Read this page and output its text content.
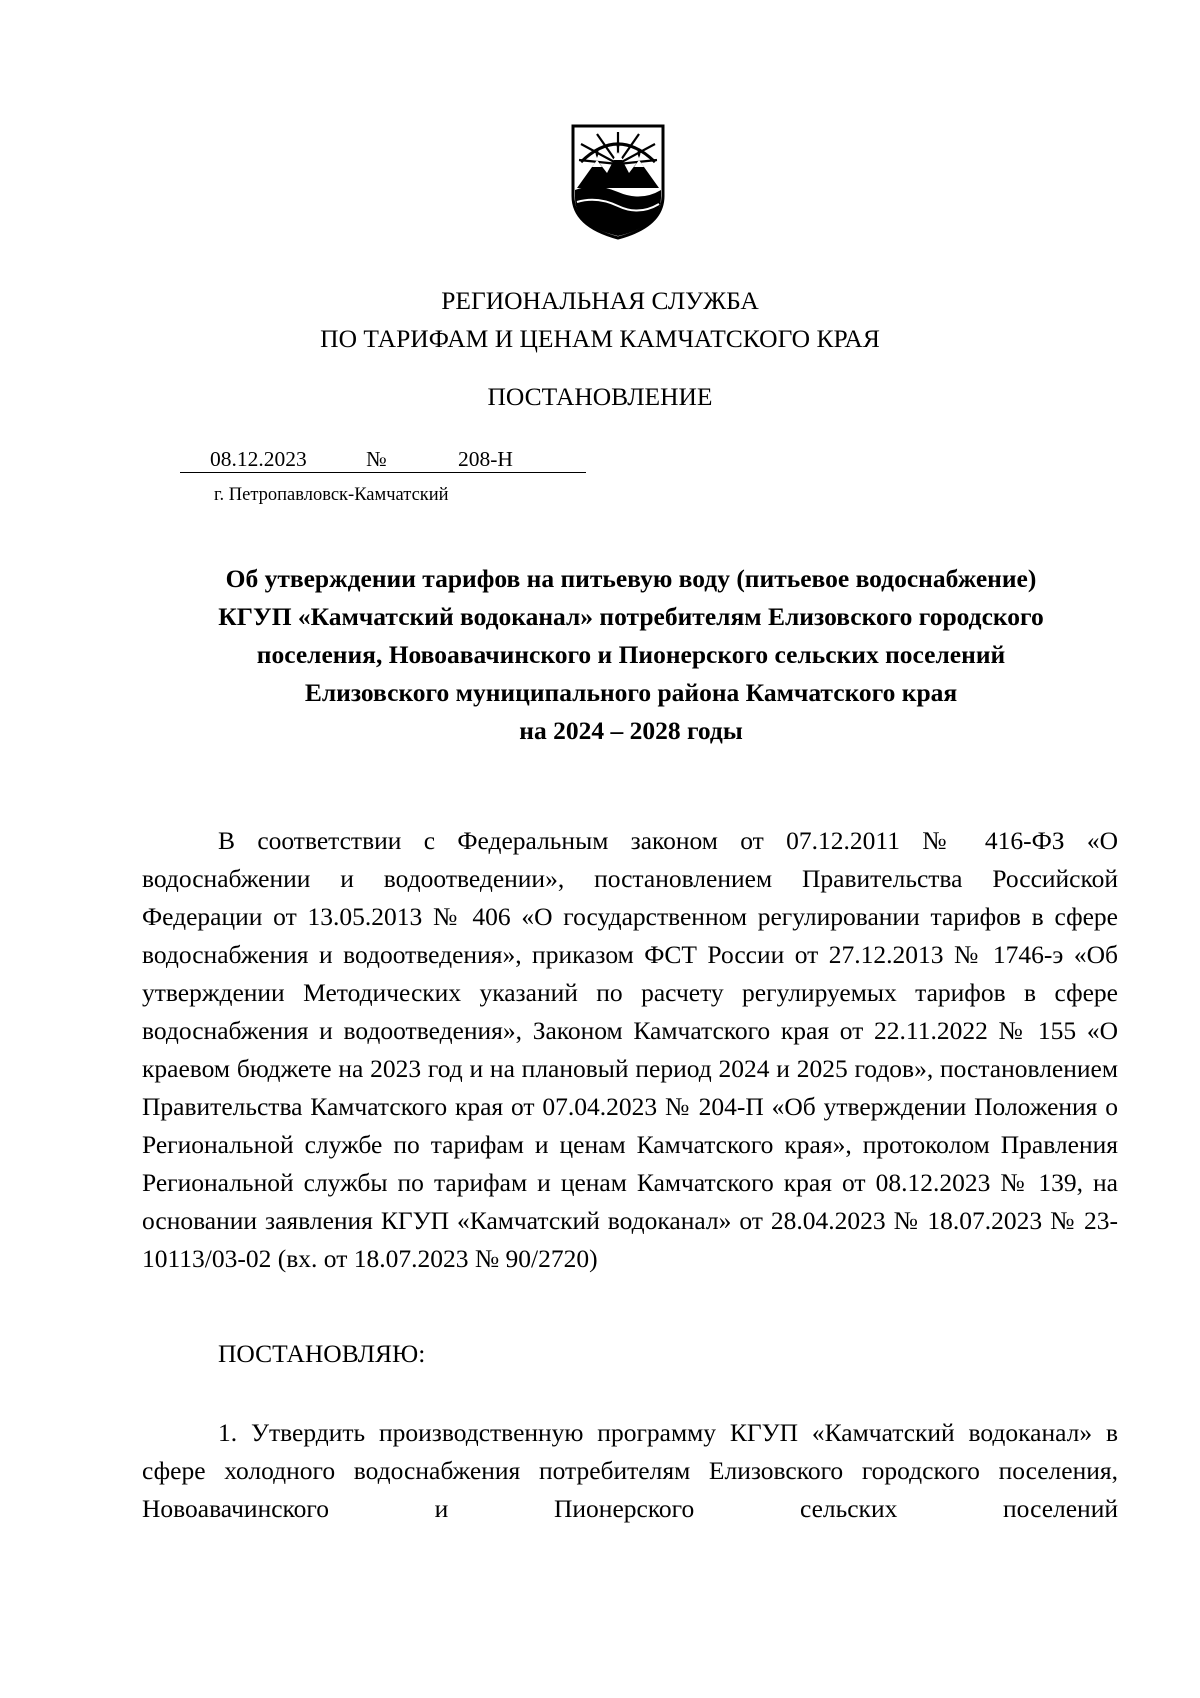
РЕГИОНАЛЬНАЯ СЛУЖБА
ПО ТАРИФАМ И ЦЕНАМ КАМЧАТСКОГО КРАЯ
ПОСТАНОВЛЕНИЕ
08.12.2023	№	208-Н
г. Петропавловск-Камчатский
Об утверждении тарифов на питьевую воду (питьевое водоснабжение)
КГУП «Камчатский водоканал» потребителям Елизовского городского
поселения, Новоавачинского и Пионерского сельских поселений
Елизовского муниципального района Камчатского края
на 2024 – 2028 годы
В соответствии с Федеральным законом от 07.12.2011 № 416-ФЗ «О водоснабжении и водоотведении», постановлением Правительства Российской Федерации от 13.05.2013 № 406 «О государственном регулировании тарифов в сфере водоснабжения и водоотведения», приказом ФСТ России от 27.12.2013 № 1746-э «Об утверждении Методических указаний по расчету регулируемых тарифов в сфере водоснабжения и водоотведения», Законом Камчатского края от 22.11.2022 № 155 «О краевом бюджете на 2023 год и на плановый период 2024 и 2025 годов», постановлением Правительства Камчатского края от 07.04.2023 № 204-П «Об утверждении Положения о Региональной службе по тарифам и ценам Камчатского края», протоколом Правления Региональной службы по тарифам и ценам Камчатского края от 08.12.2023 № 139, на основании заявления КГУП «Камчатский водоканал» от 28.04.2023 № 18.07.2023 № 23-10113/03-02 (вх. от 18.07.2023 № 90/2720)
ПОСТАНОВЛЯЮ:
1. Утвердить производственную программу КГУП «Камчатский водоканал» в сфере холодного водоснабжения потребителям Елизовского городского поселения, Новоавачинского и Пионерского сельских поселений
